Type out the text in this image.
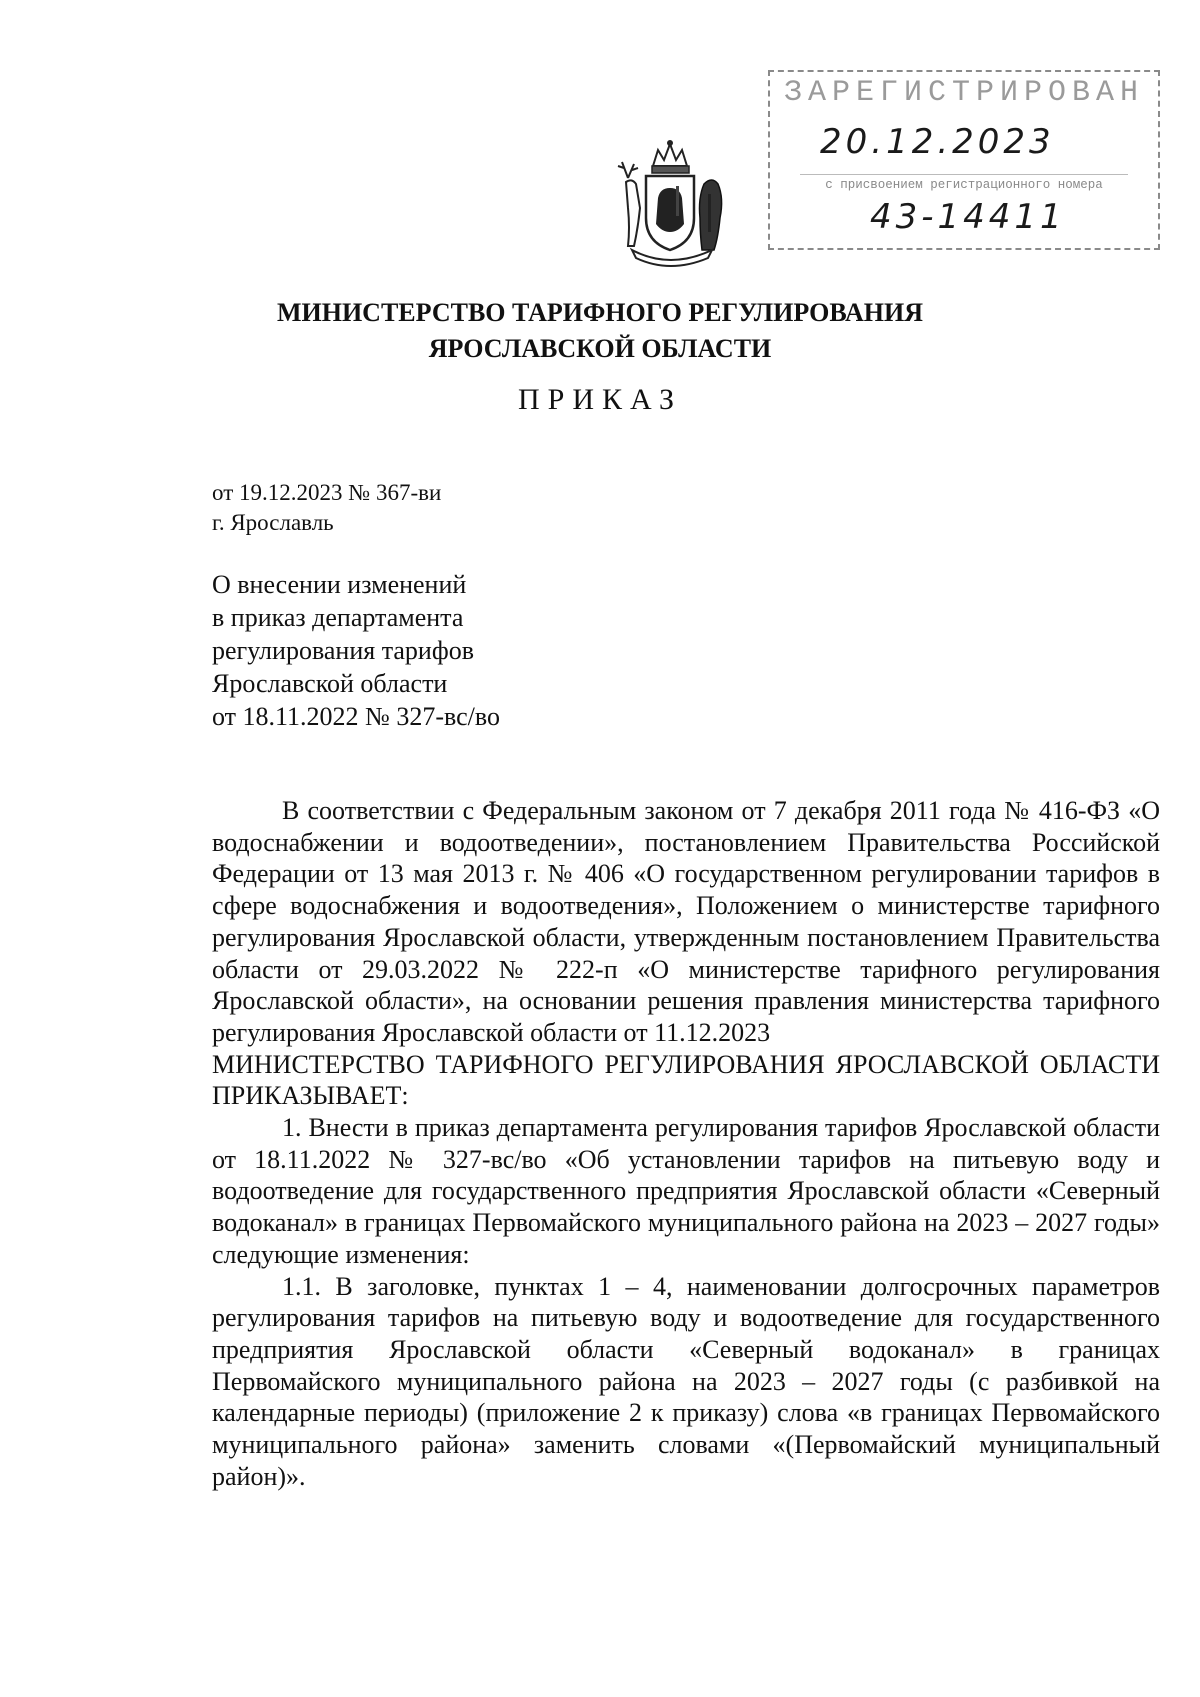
ЗАРЕГИСТРИРОВАН
20.12.2023
с присвоением регистрационного номера
43-14411
МИНИСТЕРСТВО ТАРИФНОГО РЕГУЛИРОВАНИЯ
ЯРОСЛАВСКОЙ ОБЛАСТИ
ПРИКАЗ
от 19.12.2023 № 367-ви
г. Ярославль
О внесении изменений
в приказ департамента
регулирования тарифов
Ярославской области
от 18.11.2022 № 327-вс/во

В соответствии с Федеральным законом от 7 декабря 2011 года № 416-ФЗ «О водоснабжении и водоотведении», постановлением Правительства Российской Федерации от 13 мая 2013 г. № 406 «О государственном регулировании тарифов в сфере водоснабжения и водоотведения», Положением о министерстве тарифного регулирования Ярославской области, утвержденным постановлением Правительства области от 29.03.2022 № 222-п «О министерстве тарифного регулирования Ярославской области», на основании решения правления министерства тарифного регулирования Ярославской области от 11.12.2023

МИНИСТЕРСТВО ТАРИФНОГО РЕГУЛИРОВАНИЯ ЯРОСЛАВСКОЙ ОБЛАСТИ ПРИКАЗЫВАЕТ:

1. Внести в приказ департамента регулирования тарифов Ярославской области от 18.11.2022 № 327-вс/во «Об установлении тарифов на питьевую воду и водоотведение для государственного предприятия Ярославской области «Северный водоканал» в границах Первомайского муниципального района на 2023 – 2027 годы» следующие изменения:

1.1. В заголовке, пунктах 1 – 4, наименовании долгосрочных параметров регулирования тарифов на питьевую воду и водоотведение для государственного предприятия Ярославской области «Северный водоканал» в границах Первомайского муниципального района на 2023 – 2027 годы (с разбивкой на календарные периоды) (приложение 2 к приказу) слова «в границах Первомайского муниципального района» заменить словами «(Первомайский муниципальный район)».
